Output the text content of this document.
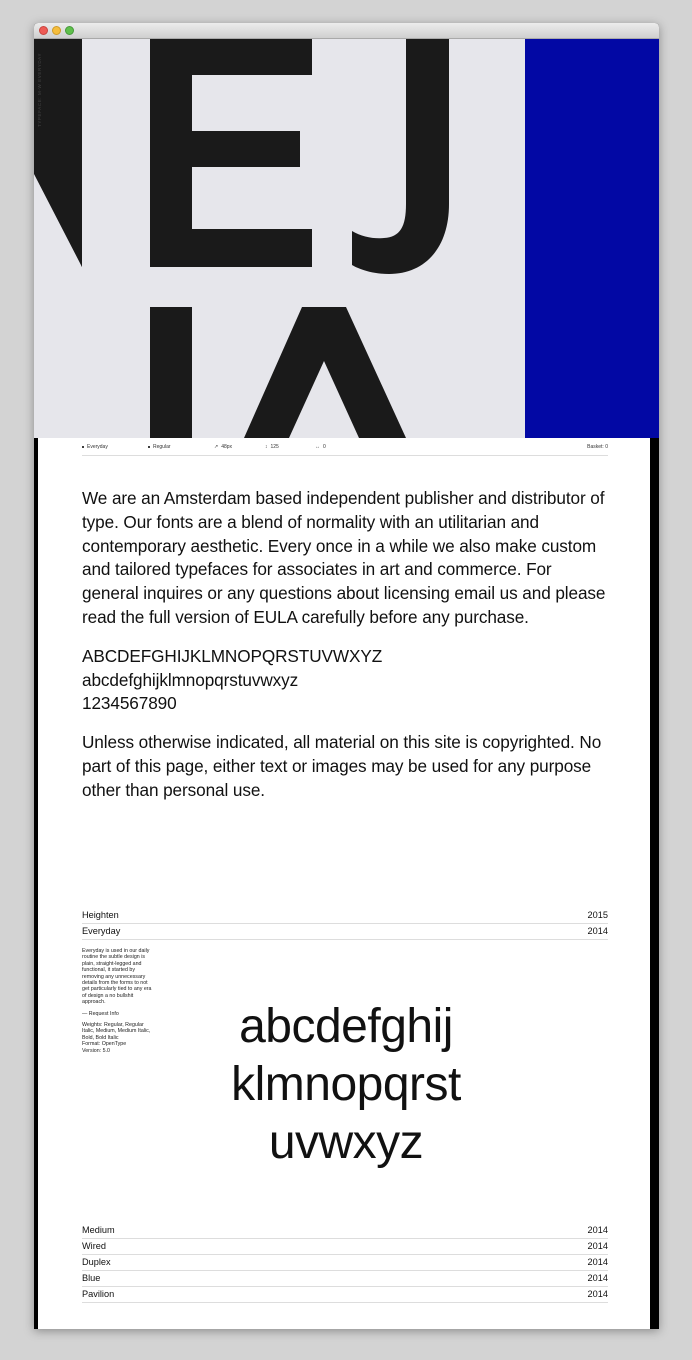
TYPEFACE: M-W EVERYDAY
Everyday	Regular	↗ 48px	↕ 125	↔ 0	Basket: 0

We are an Amsterdam based independent publisher and distributor of type. Our fonts are a blend of normality with an utilitarian and contemporary aesthetic. Every once in a while we also make custom and tailored typefaces for associates in art and commerce. For general inquires or any questions about licensing email us and please read the full version of EULA carefully before any purchase.

ABCDEFGHIJKLMNOPQRSTUVWXYZ

abcdefghijklmnopqrstuvwxyz

1234567890

Unless otherwise indicated, all material on this site is copyrighted. No part of this page, either text or images may be used for any purpose other than personal use.

Heighten	2015
Everyday	2014

Everyday is used in our daily routine the subtle design is plain, straight-legged and functional, it started by removing any unnecessary details from the forms to not get particularly tied to any era of design a no bullshit approach.

— Request Info

Weights: Regular, Regular Italic, Medium, Medium Italic, Bold, Bold Italic
Format: OpenType
Version: 5.0	abcdefghij
klmnopqrst
uvwxyz
Medium	2014
Wired	2014
Duplex	2014
Blue	2014
Pavilion	2014
